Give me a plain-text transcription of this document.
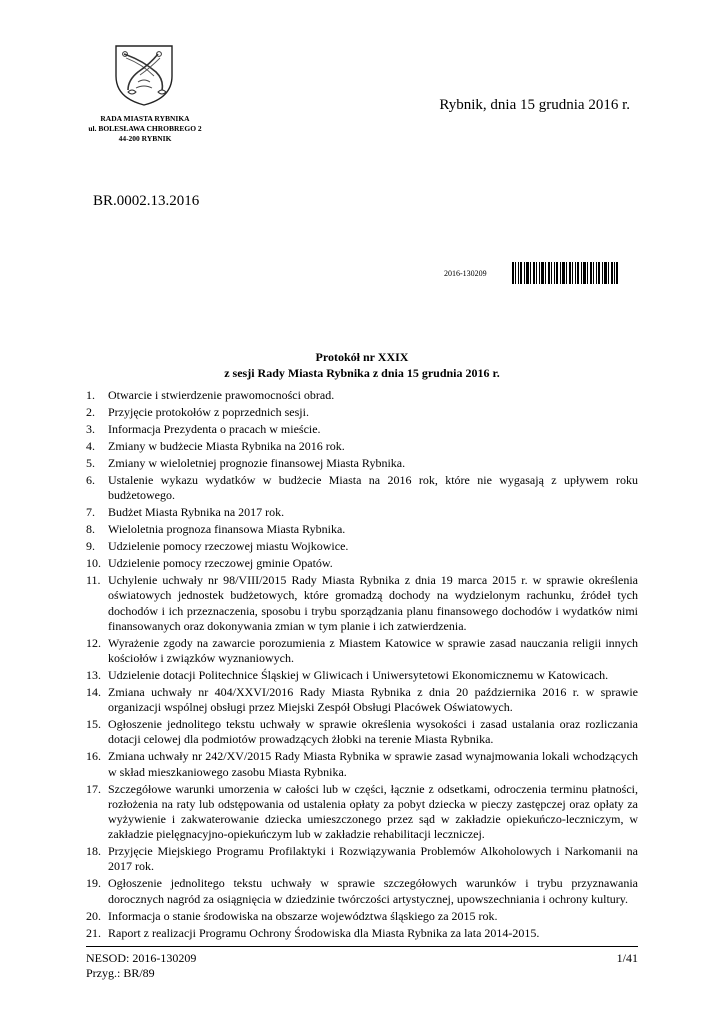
RADA MIASTA RYBNIKA
ul. BOLESŁAWA CHROBREGO 2
44-200 RYBNIK
Rybnik, dnia 15 grudnia 2016 r.
BR.0002.13.2016
2016-130209
Protokół nr XXIX
z sesji Rady Miasta Rybnika z dnia 15 grudnia 2016 r.
1.	Otwarcie i stwierdzenie prawomocności obrad.
2.	Przyjęcie protokołów z poprzednich sesji.
3.	Informacja Prezydenta o pracach w mieście.
4.	Zmiany w budżecie Miasta Rybnika na 2016 rok.
5.	Zmiany w wieloletniej prognozie finansowej Miasta Rybnika.
6.	Ustalenie wykazu wydatków w budżecie Miasta na 2016 rok, które nie wygasają z upływem roku budżetowego.
7.	Budżet Miasta Rybnika na 2017 rok.
8.	Wieloletnia prognoza finansowa Miasta Rybnika.
9.	Udzielenie pomocy rzeczowej miastu Wojkowice.
10. Udzielenie pomocy rzeczowej gminie Opatów.
11. Uchylenie uchwały nr 98/VIII/2015 Rady Miasta Rybnika z dnia 19 marca 2015 r. w sprawie określenia oświatowych jednostek budżetowych, które gromadzą dochody na wydzielonym rachunku, źródeł tych dochodów i ich przeznaczenia, sposobu i trybu sporządzania planu finansowego dochodów i wydatków nimi finansowanych oraz dokonywania zmian w tym planie i ich zatwierdzenia.
12. Wyrażenie zgody na zawarcie porozumienia z Miastem Katowice w sprawie zasad nauczania religii innych kościołów i związków wyznaniowych.
13. Udzielenie dotacji Politechnice Śląskiej w Gliwicach i Uniwersytetowi Ekonomicznemu w Katowicach.
14. Zmiana uchwały nr 404/XXVI/2016 Rady Miasta Rybnika z dnia 20 października 2016 r. w sprawie organizacji wspólnej obsługi przez Miejski Zespół Obsługi Placówek Oświatowych.
15. Ogłoszenie jednolitego tekstu uchwały w sprawie określenia wysokości i zasad ustalania oraz rozliczania dotacji celowej dla podmiotów prowadzących żłobki na terenie Miasta Rybnika.
16. Zmiana uchwały nr 242/XV/2015 Rady Miasta Rybnika w sprawie zasad wynajmowania lokali wchodzących w skład mieszkaniowego zasobu Miasta Rybnika.
17. Szczegółowe warunki umorzenia w całości lub w części, łącznie z odsetkami, odroczenia terminu płatności, rozłożenia na raty lub odstępowania od ustalenia opłaty za pobyt dziecka w pieczy zastępczej oraz opłaty za wyżywienie i zakwaterowanie dziecka umieszczonego przez sąd w zakładzie opiekuńczo-leczniczym, w zakładzie pielęgnacyjno-opiekuńczym lub w zakładzie rehabilitacji leczniczej.
18. Przyjęcie Miejskiego Programu Profilaktyki i Rozwiązywania Problemów Alkoholowych i Narkomanii na 2017 rok.
19. Ogłoszenie jednolitego tekstu uchwały w sprawie szczegółowych warunków i trybu przyznawania dorocznych nagród za osiągnięcia w dziedzinie twórczości artystycznej, upowszechniania i ochrony kultury.
20. Informacja o stanie środowiska na obszarze województwa śląskiego za 2015 rok.
21. Raport z realizacji Programu Ochrony Środowiska dla Miasta Rybnika za lata 2014-2015.
NESOD: 2016-130209
Przyg.: BR/89
1/41
